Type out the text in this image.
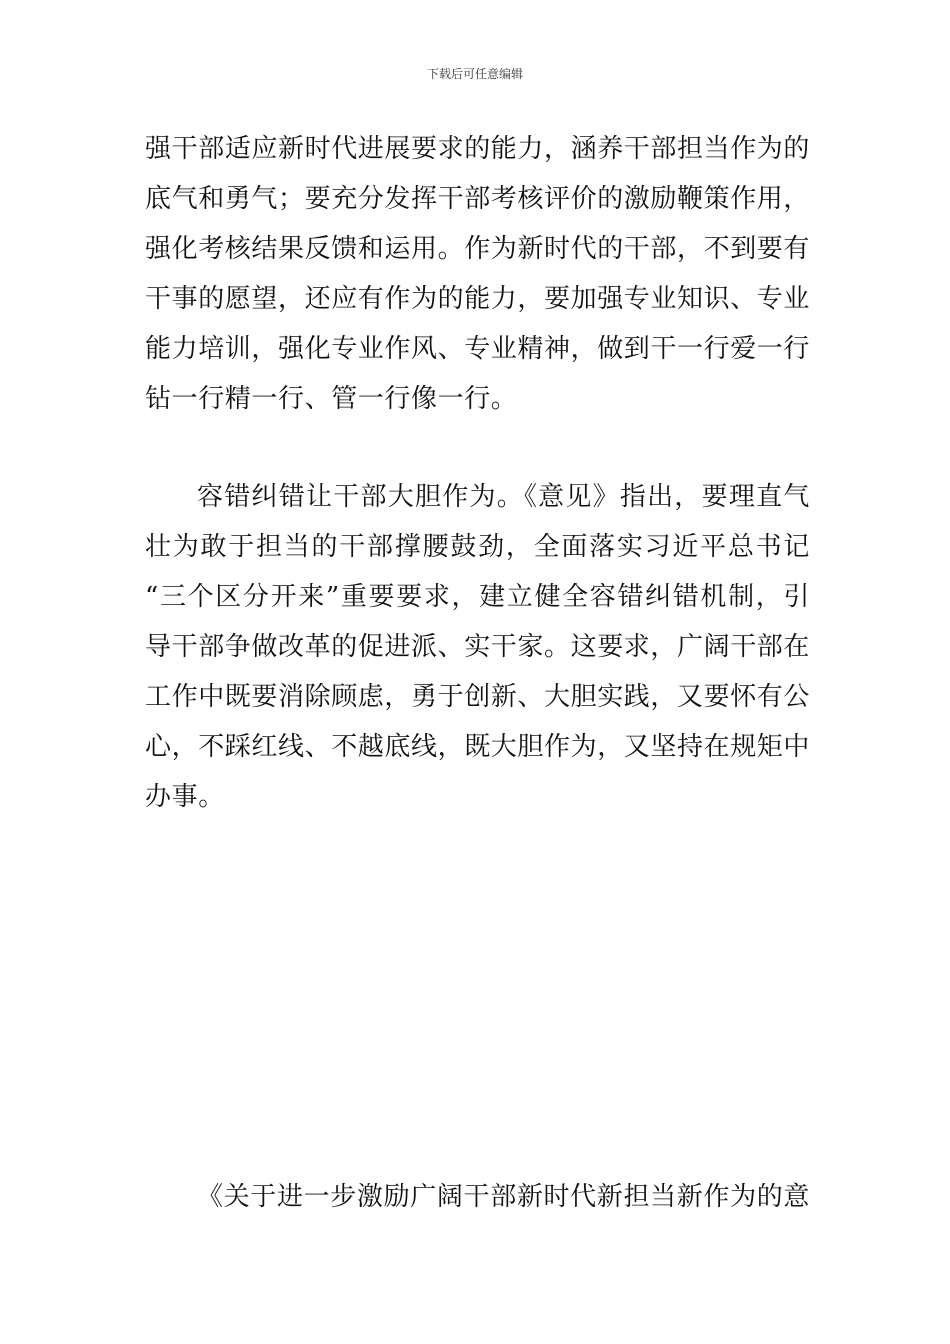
下载后可任意编辑
强干部适应新时代进展要求的能力，涵养干部担当作为的
底气和勇气；要充分发挥干部考核评价的激励鞭策作用，
强化考核结果反馈和运用。作为新时代的干部，不到要有
干事的愿望，还应有作为的能力，要加强专业知识、专业
能力培训，强化专业作风、专业精神，做到干一行爱一行
钻一行精一行、管一行像一行。
容错纠错让干部大胆作为。《意见》指出，要理直气
壮为敢于担当的干部撑腰鼓劲，全面落实习近平总书记
“三个区分开来”重要要求，建立健全容错纠错机制，引
导干部争做改革的促进派、实干家。这要求，广阔干部在
工作中既要消除顾虑，勇于创新、大胆实践，又要怀有公
心，不踩红线、不越底线，既大胆作为，又坚持在规矩中
办事。
《关于进一步激励广阔干部新时代新担当新作为的意
